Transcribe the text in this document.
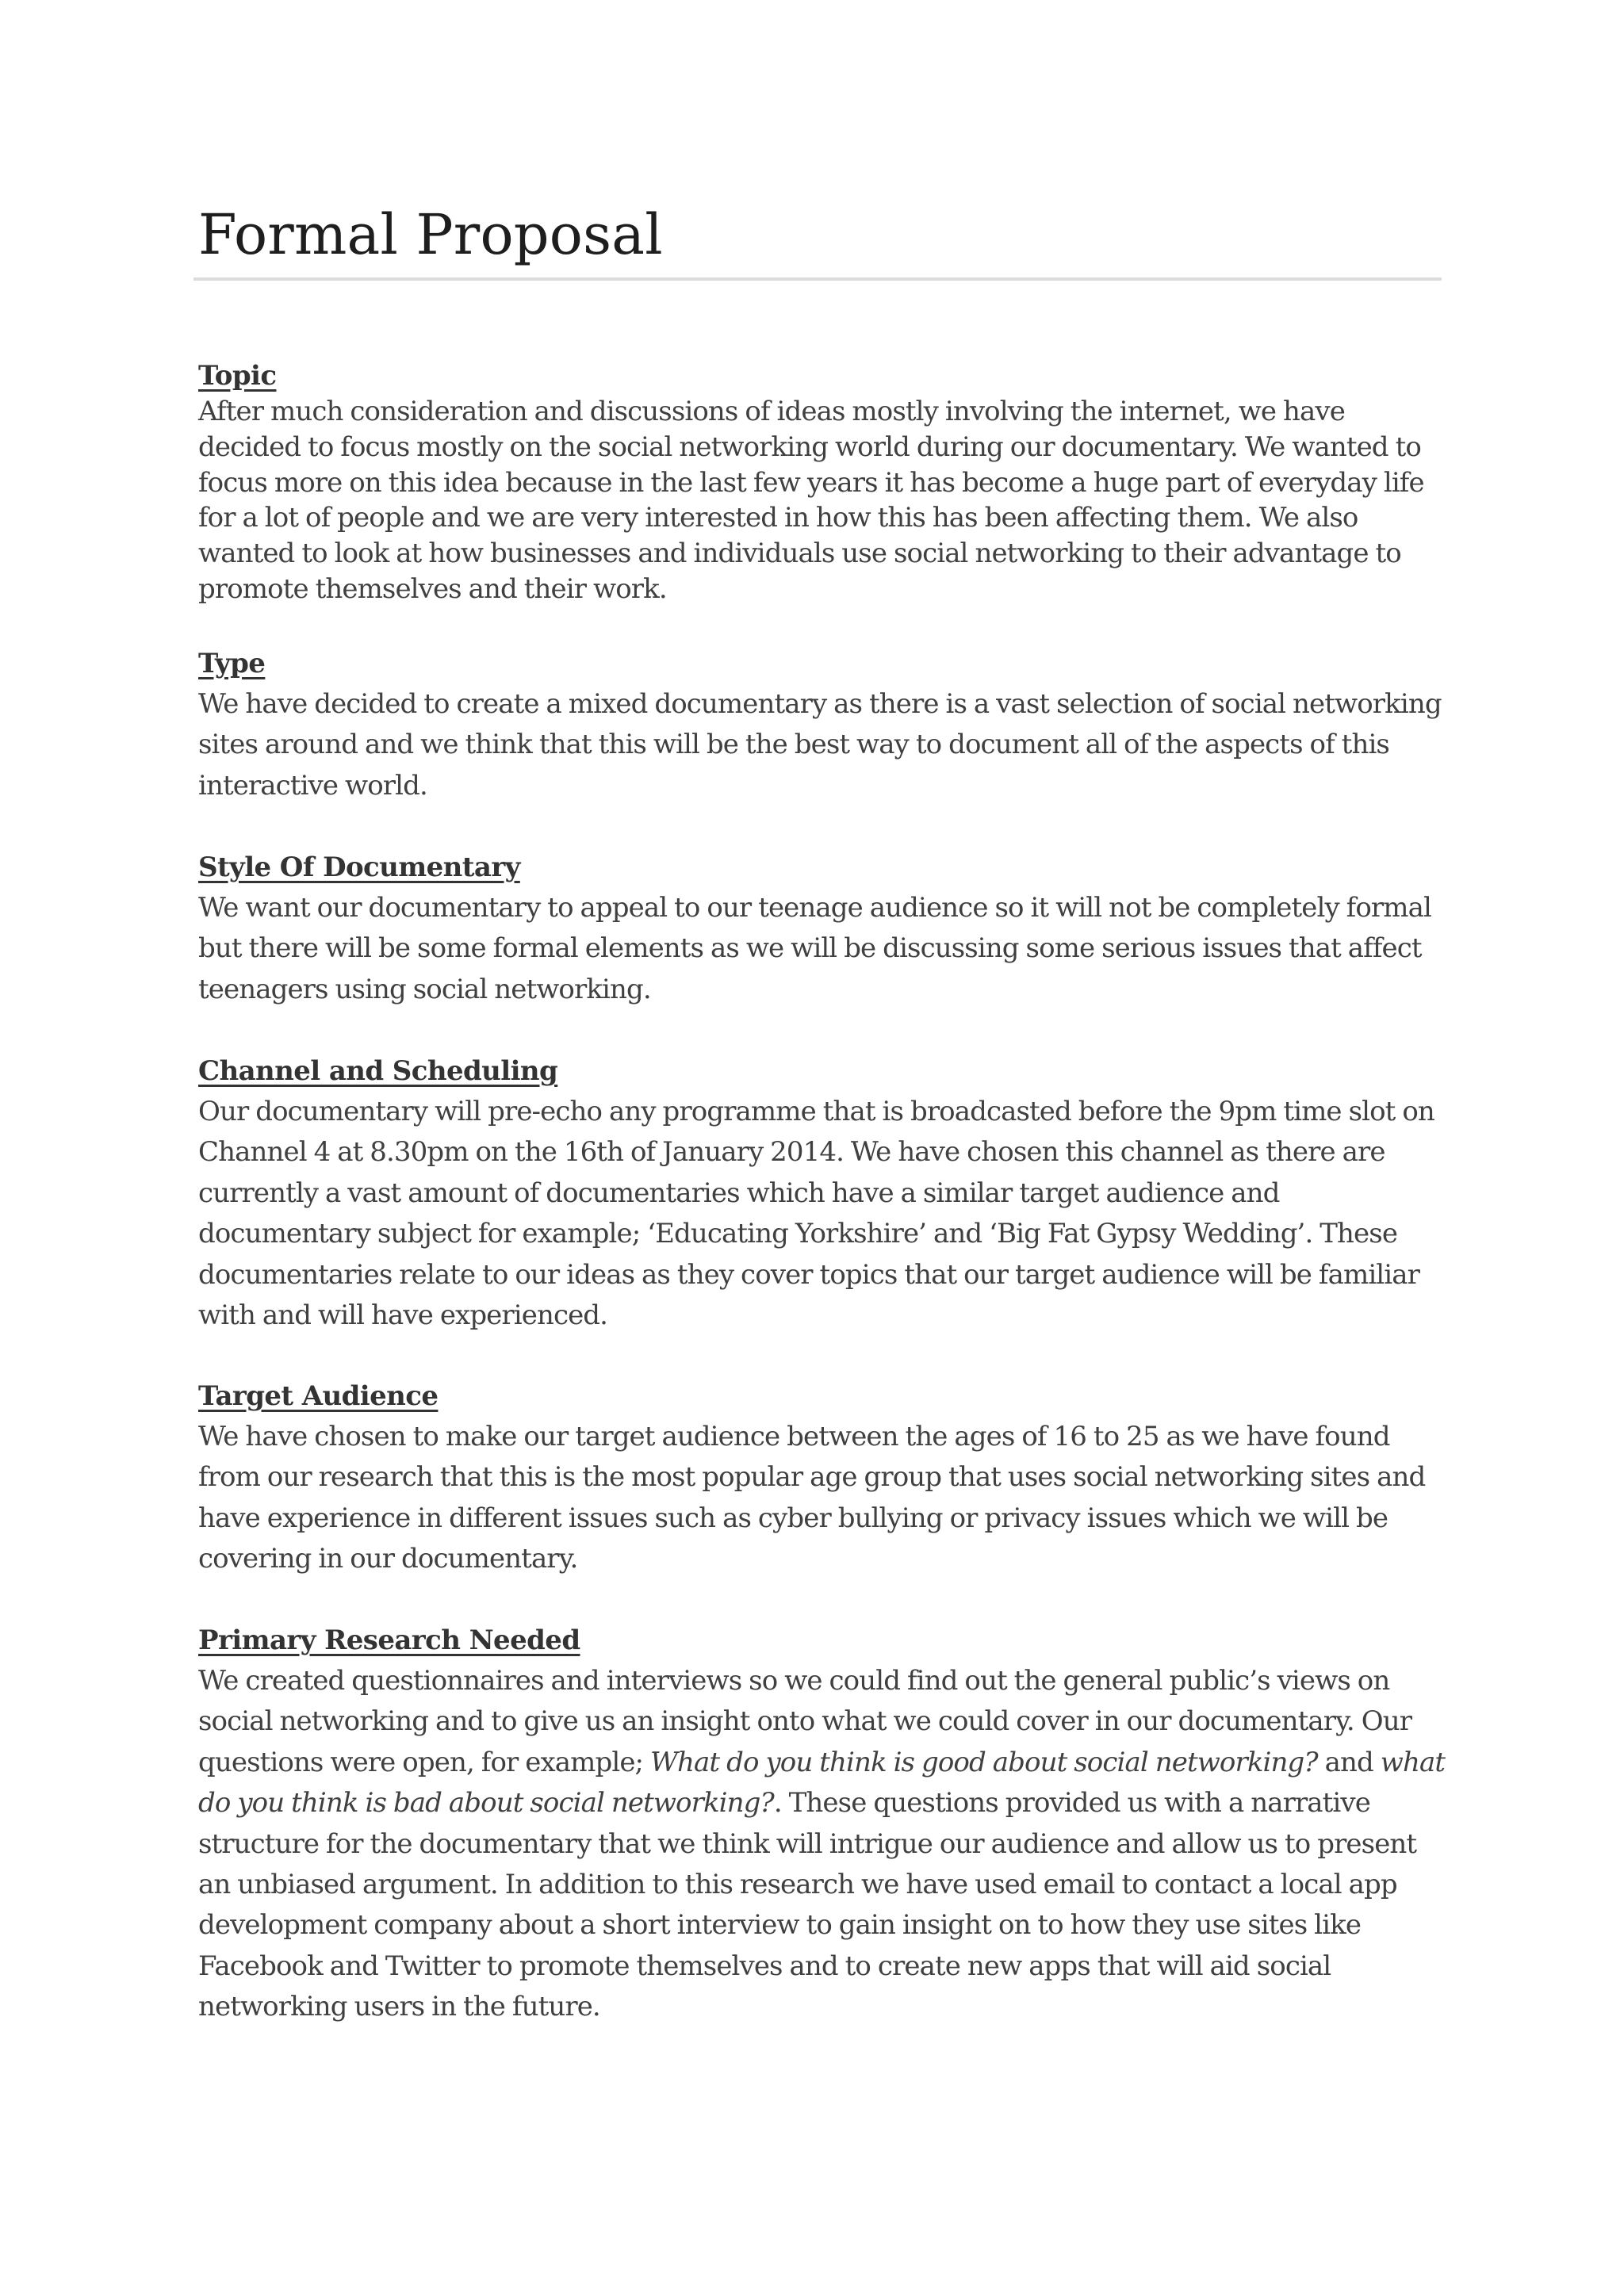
Formal Proposal
Topic

After much consideration and discussions of ideas mostly involving the internet, we have decided to focus mostly on the social networking world during our documentary. We wanted to focus more on this idea because in the last few years it has become a huge part of everyday life for a lot of people and we are very interested in how this has been affecting them. We also wanted to look at how businesses and individuals use social networking to their advantage to promote themselves and their work.

Type

We have decided to create a mixed documentary as there is a vast selection of social networking sites around and we think that this will be the best way to document all of the aspects of this interactive world.

Style Of Documentary

We want our documentary to appeal to our teenage audience so it will not be completely formal but there will be some formal elements as we will be discussing some serious issues that affect teenagers using social networking.

Channel and Scheduling

Our documentary will pre-echo any programme that is broadcasted before the 9pm time slot on Channel 4 at 8.30pm on the 16th of January 2014. We have chosen this channel as there are currently a vast amount of documentaries which have a similar target audience and documentary subject for example; ‘Educating Yorkshire’ and ‘Big Fat Gypsy Wedding’. These documentaries relate to our ideas as they cover topics that our target audience will be familiar with and will have experienced.

Target Audience

We have chosen to make our target audience between the ages of 16 to 25 as we have found from our research that this is the most popular age group that uses social networking sites and have experience in different issues such as cyber bullying or privacy issues which we will be covering in our documentary.

Primary Research Needed

We created questionnaires and interviews so we could find out the general public’s views on social networking and to give us an insight onto what we could cover in our documentary. Our questions were open, for example; What do you think is good about social networking? and what do you think is bad about social networking?. These questions provided us with a narrative structure for the documentary that we think will intrigue our audience and allow us to present an unbiased argument. In addition to this research we have used email to contact a local app development company about a short interview to gain insight on to how they use sites like Facebook and Twitter to promote themselves and to create new apps that will aid social networking users in the future.
